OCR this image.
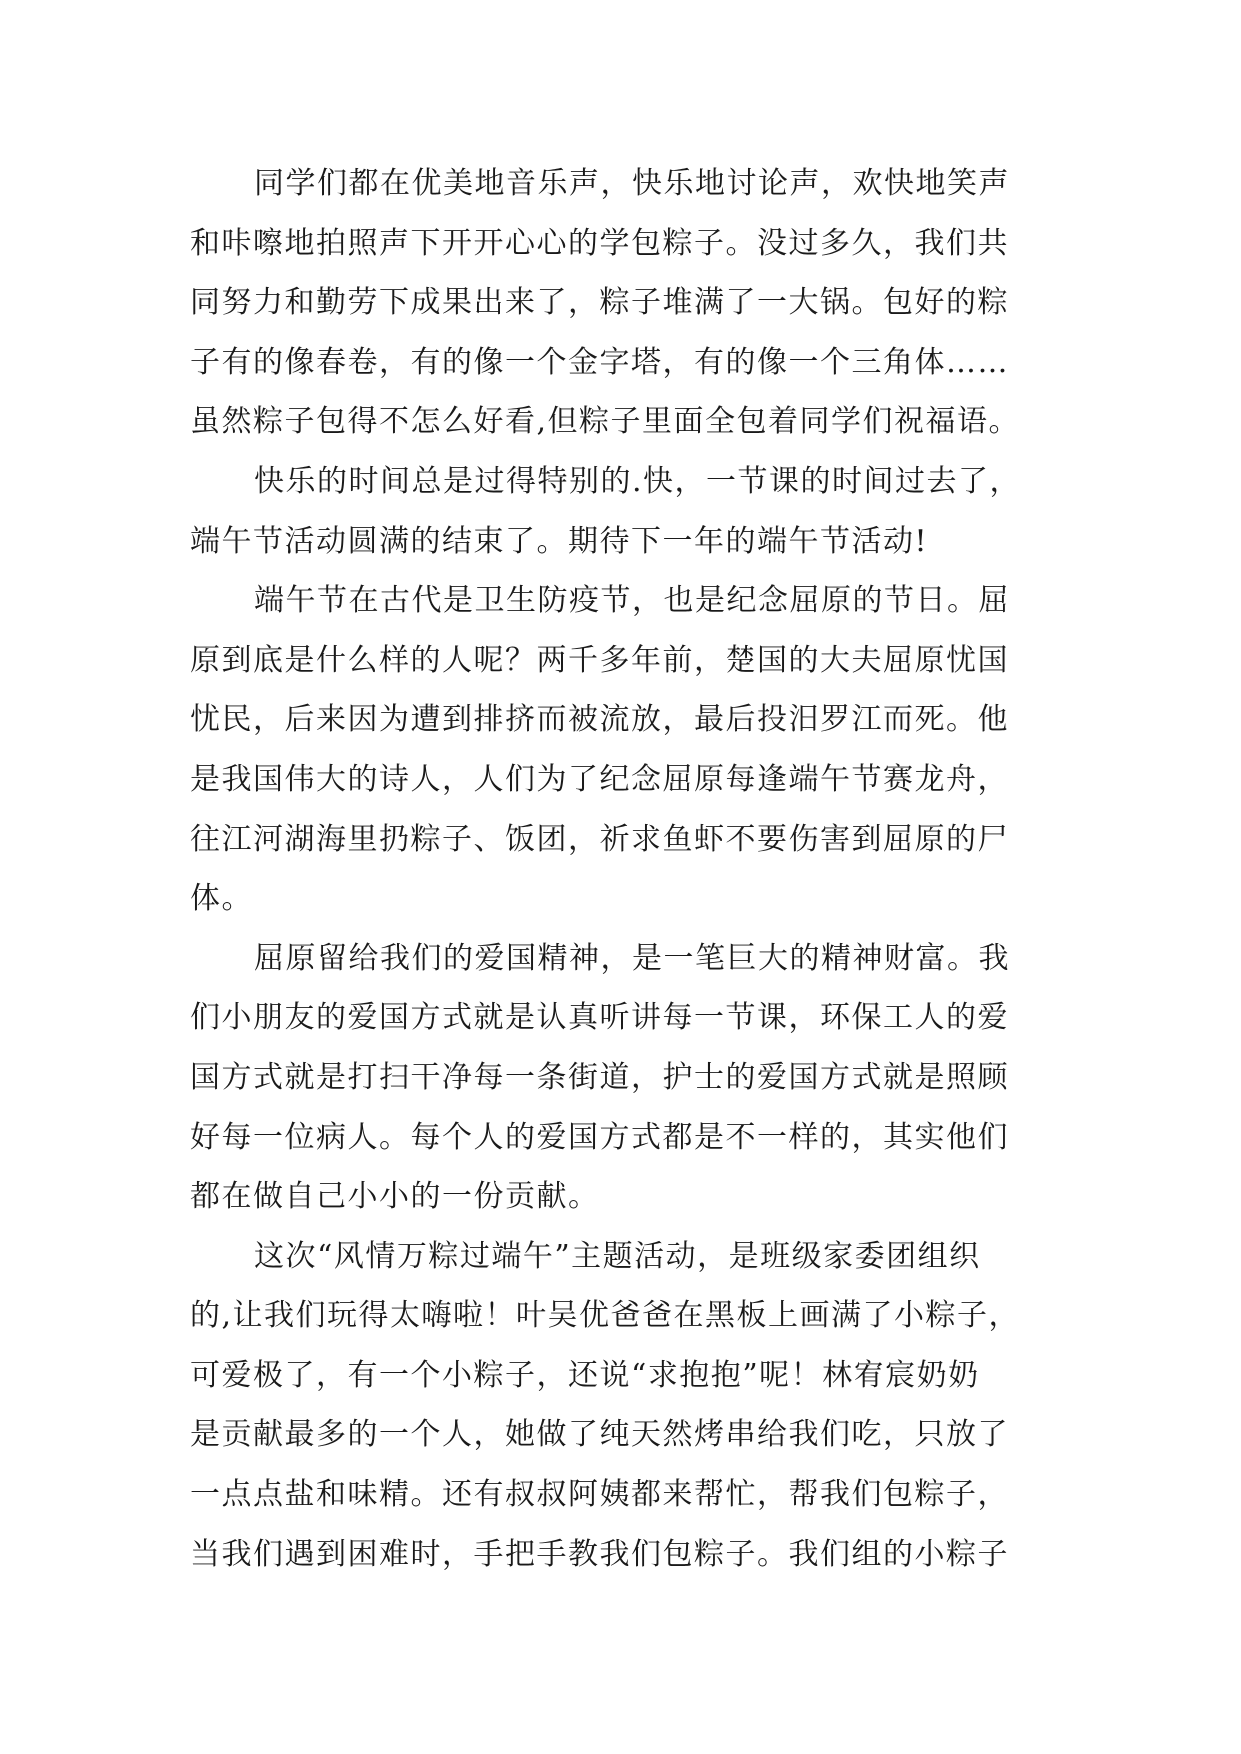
同学们都在优美地音乐声，快乐地讨论声，欢快地笑声
和咔嚓地拍照声下开开心心的学包粽子。没过多久，我们共
同努力和勤劳下成果出来了，粽子堆满了一大锅。包好的粽
子有的像春卷，有的像一个金字塔，有的像一个三角体……
虽然粽子包得不怎么好看,但粽子里面全包着同学们祝福语。
快乐的时间总是过得特别的.快，一节课的时间过去了，
端午节活动圆满的结束了。期待下一年的端午节活动!
端午节在古代是卫生防疫节，也是纪念屈原的节日。屈
原到底是什么样的人呢？两千多年前，楚国的大夫屈原忧国
忧民，后来因为遭到排挤而被流放，最后投汨罗江而死。他
是我国伟大的诗人，人们为了纪念屈原每逢端午节赛龙舟，
往江河湖海里扔粽子、饭团，祈求鱼虾不要伤害到屈原的尸
体。
屈原留给我们的爱国精神，是一笔巨大的精神财富。我
们小朋友的爱国方式就是认真听讲每一节课，环保工人的爱
国方式就是打扫干净每一条街道，护士的爱国方式就是照顾
好每一位病人。每个人的爱国方式都是不一样的，其实他们
都在做自己小小的一份贡献。
这次“风情万粽过端午”主题活动，是班级家委团组织
的,让我们玩得太嗨啦！叶吴优爸爸在黑板上画满了小粽子，
可爱极了，有一个小粽子，还说“求抱抱”呢！林宥宸奶奶
是贡献最多的一个人，她做了纯天然烤串给我们吃，只放了
一点点盐和味精。还有叔叔阿姨都来帮忙，帮我们包粽子，
当我们遇到困难时，手把手教我们包粽子。我们组的小粽子
